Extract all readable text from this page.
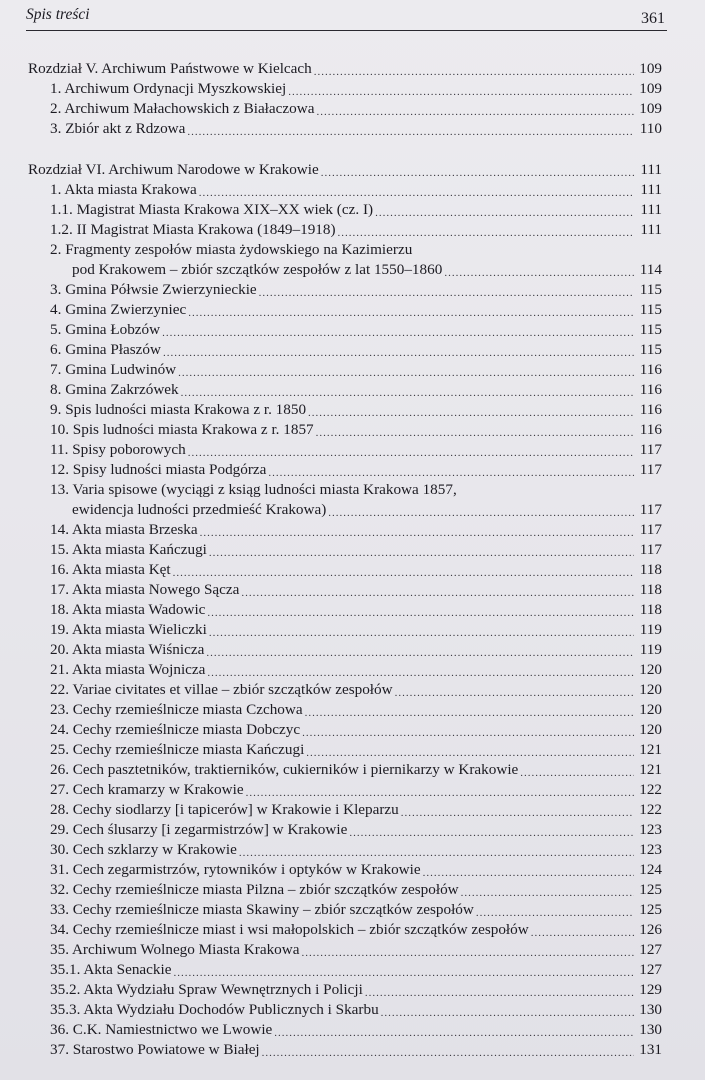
Spis treści	361
Rozdział V. Archiwum Państwowe w Kielcach .....	109
1. Archiwum Ordynacji Myszkowskiej .....	109
2. Archiwum Małachowskich z Białaczowa .....	109
3. Zbiór akt z Rdzowa .....	110
Rozdział VI. Archiwum Narodowe w Krakowie .....	111
1. Akta miasta Krakowa .....	111
1.1. Magistrat Miasta Krakowa XIX–XX wiek (cz. I) .....	111
1.2. II Magistrat Miasta Krakowa (1849–1918) .....	111
2. Fragmenty zespołów miasta żydowskiego na Kazimierzu
pod Krakowem – zbiór szczątków zespołów z lat 1550–1860 .....	114
3. Gmina Półwsie Zwierzynieckie .....	115
4. Gmina Zwierzyniec .....	115
5. Gmina Łobzów .....	115
6. Gmina Płaszów .....	115
7. Gmina Ludwinów .....	116
8. Gmina Zakrzówek .....	116
9. Spis ludności miasta Krakowa z r. 1850 .....	116
10. Spis ludności miasta Krakowa z r. 1857 .....	116
11. Spisy poborowych .....	117
12. Spisy ludności miasta Podgórza .....	117
13. Varia spisowe (wyciągi z ksiąg ludności miasta Krakowa 1857,
ewidencja ludności przedmieść Krakowa) .....	117
14. Akta miasta Brzeska .....	117
15. Akta miasta Kańczugi .....	117
16. Akta miasta Kęt .....	118
17. Akta miasta Nowego Sącza .....	118
18. Akta miasta Wadowic .....	118
19. Akta miasta Wieliczki .....	119
20. Akta miasta Wiśnicza .....	119
21. Akta miasta Wojnicza .....	120
22. Variae civitates et villae – zbiór szczątków zespołów .....	120
23. Cechy rzemieślnicze miasta Czchowa .....	120
24. Cechy rzemieślnicze miasta Dobczyc .....	120
25. Cechy rzemieślnicze miasta Kańczugi .....	121
26. Cech pasztetników, traktierników, cukierników i piernikarzy w Krakowie .....	121
27. Cech kramarzy w Krakowie .....	122
28. Cechy siodlarzy [i tapicerów] w Krakowie i Kleparzu .....	122
29. Cech ślusarzy [i zegarmistrzów] w Krakowie .....	123
30. Cech szklarzy w Krakowie .....	123
31. Cech zegarmistrzów, rytowników i optyków w Krakowie .....	124
32. Cechy rzemieślnicze miasta Pilzna – zbiór szczątków zespołów .....	125
33. Cechy rzemieślnicze miasta Skawiny – zbiór szczątków zespołów .....	125
34. Cechy rzemieślnicze miast i wsi małopolskich – zbiór szczątków zespołów .....	126
35. Archiwum Wolnego Miasta Krakowa .....	127
35.1. Akta Senackie .....	127
35.2. Akta Wydziału Spraw Wewnętrznych i Policji .....	129
35.3. Akta Wydziału Dochodów Publicznych i Skarbu .....	130
36. C.K. Namiestnictwo we Lwowie .....	130
37. Starostwo Powiatowe w Białej .....	131
